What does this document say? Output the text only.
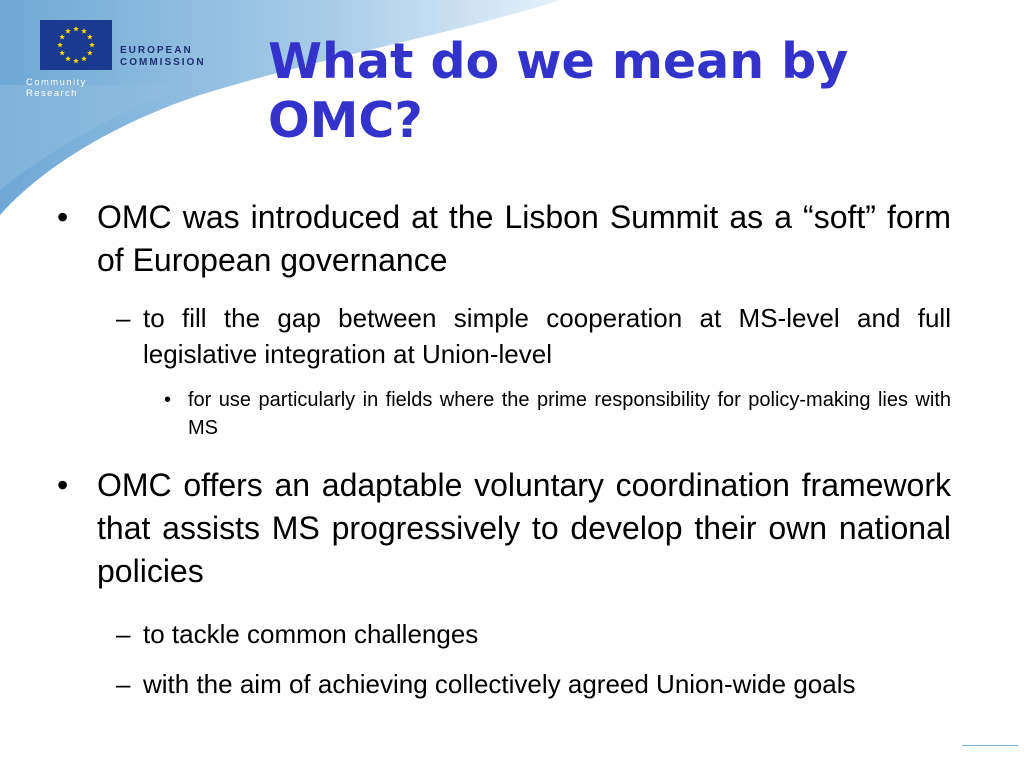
EUROPEAN
COMMISSION
Community Research
What do we mean by OMC?
• OMC was introduced at the Lisbon Summit as a “soft” form of European governance
– to fill the gap between simple cooperation at MS-level and full legislative integration at Union-level
• for use particularly in fields where the prime responsibility for policy-making lies with MS
• OMC offers an adaptable voluntary coordination framework that assists MS progressively to develop their own national policies
– to tackle common challenges
– with the aim of achieving collectively agreed Union-wide goals
